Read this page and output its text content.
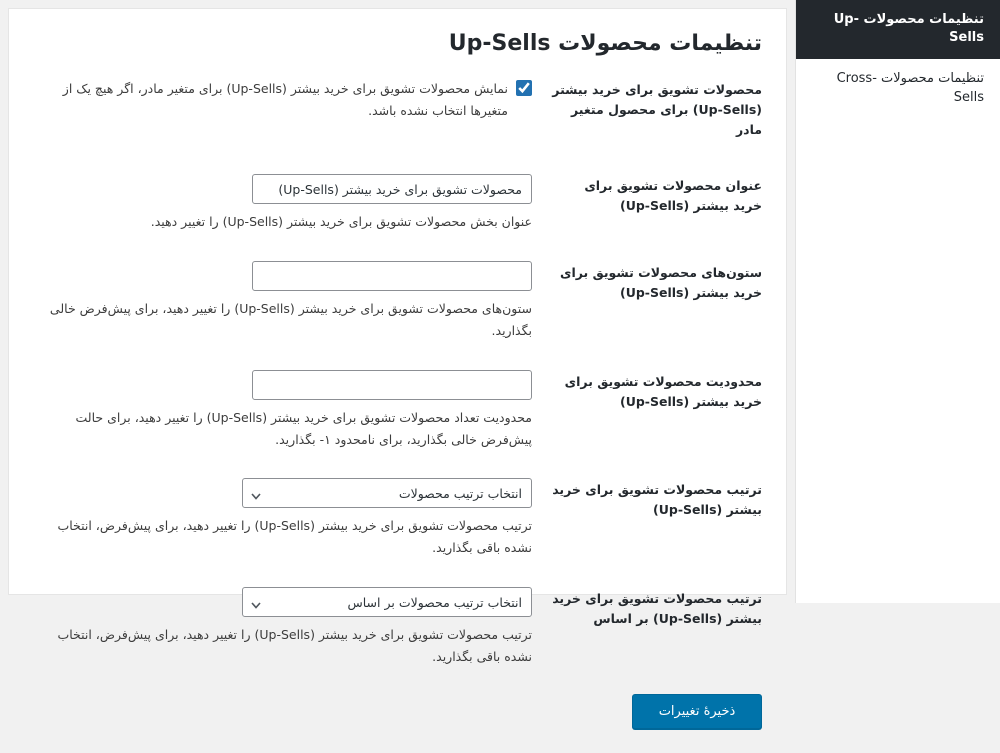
تنظیمات محصولات Up-Sells
تنظیمات محصولات Cross-Sells
تنظیمات محصولات Up-Sells
محصولات تشویق برای خرید بیشتر (Up-Sells) برای محصول متغیر مادر	نمایش محصولات تشویق برای خرید بیشتر (Up-Sells) برای متغیر مادر، اگر هیچ یک از متغیرها انتخاب نشده باشد.

عنوان محصولات تشویق برای خرید بیشتر (Up-Sells)	محصولات تشویق برای خرید بیشتر (Up-Sells)
عنوان بخش محصولات تشویق برای خرید بیشتر (Up-Sells) را تغییر دهید.

ستون‌های محصولات تشویق برای خرید بیشتر (Up-Sells)	ستون‌های محصولات تشویق برای خرید بیشتر (Up-Sells) را تغییر دهید، برای پیش‌فرض خالی بگذارید.

محدودیت محصولات تشویق برای خرید بیشتر (Up-Sells)	محدودیت تعداد محصولات تشویق برای خرید بیشتر (Up-Sells) را تغییر دهید، برای حالت پیش‌فرض خالی بگذارید، برای نامحدود ۱- بگذارید.

ترتیب محصولات تشویق برای خرید بیشتر (Up-Sells)	
انتخاب ترتیب محصولات
ترتیب محصولات تشویق برای خرید بیشتر (Up-Sells) را تغییر دهید، برای پیش‌فرض، انتخاب نشده باقی بگذارید.

ترتیب محصولات تشویق برای خرید بیشتر (Up-Sells) بر اساس	
انتخاب ترتیب محصولات بر اساس
ترتیب محصولات تشویق برای خرید بیشتر (Up-Sells) را تغییر دهید، برای پیش‌فرض، انتخاب نشده باقی بگذارید.
ذخیرهٔ تغییرات
